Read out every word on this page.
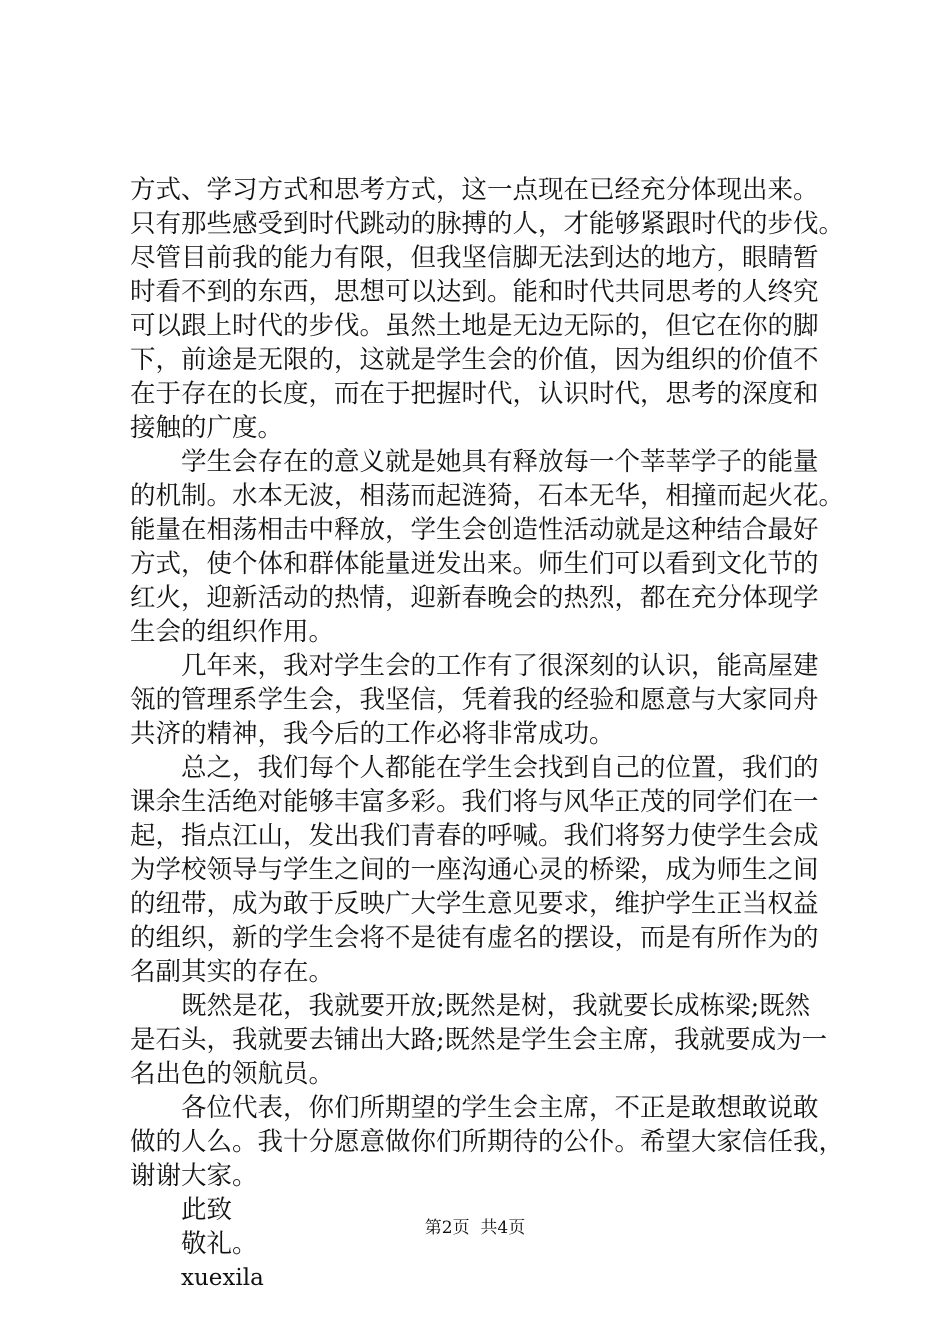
方式、学习方式和思考方式，这一点现在已经充分体现出来。
只有那些感受到时代跳动的脉搏的人，才能够紧跟时代的步伐。
尽管目前我的能力有限，但我坚信脚无法到达的地方，眼睛暂
时看不到的东西，思想可以达到。能和时代共同思考的人终究
可以跟上时代的步伐。虽然土地是无边无际的，但它在你的脚
下，前途是无限的，这就是学生会的价值，因为组织的价值不
在于存在的长度，而在于把握时代，认识时代，思考的深度和
接触的广度。
学生会存在的意义就是她具有释放每一个莘莘学子的能量
的机制。水本无波，相荡而起涟猗，石本无华，相撞而起火花。
能量在相荡相击中释放，学生会创造性活动就是这种结合最好
方式，使个体和群体能量迸发出来。师生们可以看到文化节的
红火，迎新活动的热情，迎新春晚会的热烈，都在充分体现学
生会的组织作用。
几年来，我对学生会的工作有了很深刻的认识，能高屋建
瓴的管理系学生会，我坚信，凭着我的经验和愿意与大家同舟
共济的精神，我今后的工作必将非常成功。
总之，我们每个人都能在学生会找到自己的位置，我们的
课余生活绝对能够丰富多彩。我们将与风华正茂的同学们在一
起，指点江山，发出我们青春的呼喊。我们将努力使学生会成
为学校领导与学生之间的一座沟通心灵的桥梁，成为师生之间
的纽带，成为敢于反映广大学生意见要求，维护学生正当权益
的组织，新的学生会将不是徒有虚名的摆设，而是有所作为的
名副其实的存在。
既然是花，我就要开放;既然是树，我就要长成栋梁;既然
是石头，我就要去铺出大路;既然是学生会主席，我就要成为一
名出色的领航员。
各位代表，你们所期望的学生会主席，不正是敢想敢说敢
做的人么。我十分愿意做你们所期待的公仆。希望大家信任我，
谢谢大家。
此致
敬礼。
xuexila
第2页  共4页
